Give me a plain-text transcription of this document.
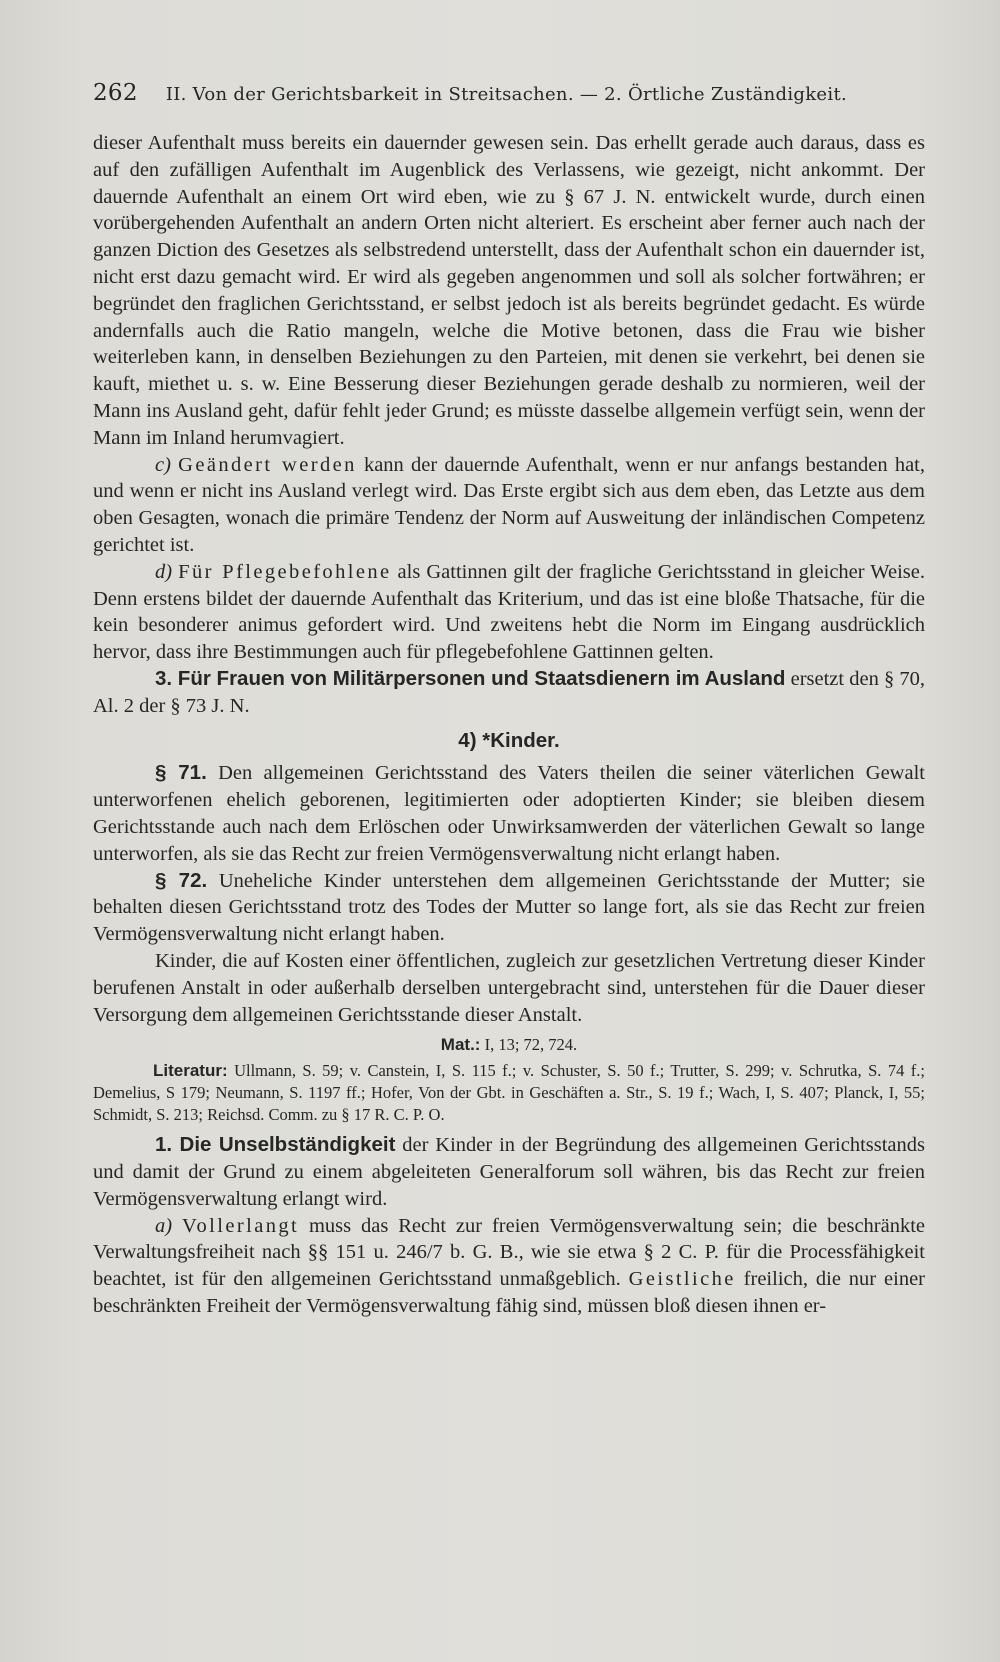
262 II. Von der Gerichtsbarkeit in Streitsachen. — 2. Örtliche Zuständigkeit.

dieser Aufenthalt muss bereits ein dauernder gewesen sein. Das erhellt gerade auch daraus, dass es auf den zufälligen Aufenthalt im Augenblick des Verlassens, wie gezeigt, nicht ankommt. Der dauernde Aufenthalt an einem Ort wird eben, wie zu § 67 J. N. entwickelt wurde, durch einen vorübergehenden Aufenthalt an andern Orten nicht alteriert. Es erscheint aber ferner auch nach der ganzen Diction des Gesetzes als selbstredend unterstellt, dass der Aufenthalt schon ein dauernder ist, nicht erst dazu gemacht wird. Er wird als gegeben angenommen und soll als solcher fortwähren; er begründet den fraglichen Gerichtsstand, er selbst jedoch ist als bereits begründet gedacht. Es würde andernfalls auch die Ratio mangeln, welche die Motive betonen, dass die Frau wie bisher weiterleben kann, in denselben Beziehungen zu den Parteien, mit denen sie verkehrt, bei denen sie kauft, miethet u. s. w. Eine Besserung dieser Beziehungen gerade deshalb zu normieren, weil der Mann ins Ausland geht, dafür fehlt jeder Grund; es müsste dasselbe allgemein verfügt sein, wenn der Mann im Inland herumvagiert.

c) Geändert werden kann der dauernde Aufenthalt, wenn er nur anfangs bestanden hat, und wenn er nicht ins Ausland verlegt wird. Das Erste ergibt sich aus dem eben, das Letzte aus dem oben Gesagten, wonach die primäre Tendenz der Norm auf Ausweitung der inländischen Competenz gerichtet ist.

d) Für Pflegebefohlene als Gattinnen gilt der fragliche Gerichtsstand in gleicher Weise. Denn erstens bildet der dauernde Aufenthalt das Kriterium, und das ist eine bloße Thatsache, für die kein besonderer animus gefordert wird. Und zweitens hebt die Norm im Eingang ausdrücklich hervor, dass ihre Bestimmungen auch für pflegebefohlene Gattinnen gelten.

3. Für Frauen von Militärpersonen und Staatsdienern im Ausland ersetzt den § 70, Al. 2 der § 73 J. N.

4) *Kinder.

§ 71. Den allgemeinen Gerichtsstand des Vaters theilen die seiner väterlichen Gewalt unterworfenen ehelich geborenen, legitimierten oder adoptierten Kinder; sie bleiben diesem Gerichtsstande auch nach dem Erlöschen oder Unwirksamwerden der väterlichen Gewalt so lange unterworfen, als sie das Recht zur freien Vermögensverwaltung nicht erlangt haben.

§ 72. Uneheliche Kinder unterstehen dem allgemeinen Gerichtsstande der Mutter; sie behalten diesen Gerichtsstand trotz des Todes der Mutter so lange fort, als sie das Recht zur freien Vermögensverwaltung nicht erlangt haben.

Kinder, die auf Kosten einer öffentlichen, zugleich zur gesetzlichen Vertretung dieser Kinder berufenen Anstalt in oder außerhalb derselben untergebracht sind, unterstehen für die Dauer dieser Versorgung dem allgemeinen Gerichtsstande dieser Anstalt.

Mat.: I, 13; 72, 724.

Literatur: Ullmann, S. 59; v. Canstein, I, S. 115 f.; v. Schuster, S. 50 f.; Trutter, S. 299; v. Schrutka, S. 74 f.; Demelius, S 179; Neumann, S. 1197 ff.; Hofer, Von der Gbt. in Geschäften a. Str., S. 19 f.; Wach, I, S. 407; Planck, I, 55; Schmidt, S. 213; Reichsd. Comm. zu § 17 R. C. P. O.

1. Die Unselbständigkeit der Kinder in der Begründung des allgemeinen Gerichtsstands und damit der Grund zu einem abgeleiteten Generalforum soll währen, bis das Recht zur freien Vermögensverwaltung erlangt wird.

a) Vollerlangt muss das Recht zur freien Vermögensverwaltung sein; die beschränkte Verwaltungsfreiheit nach §§ 151 u. 246/7 b. G. B., wie sie etwa § 2 C. P. für die Processfähigkeit beachtet, ist für den allgemeinen Gerichtsstand unmaßgeblich. Geistliche freilich, die nur einer beschränkten Freiheit der Vermögensverwaltung fähig sind, müssen bloß diesen ihnen er-
